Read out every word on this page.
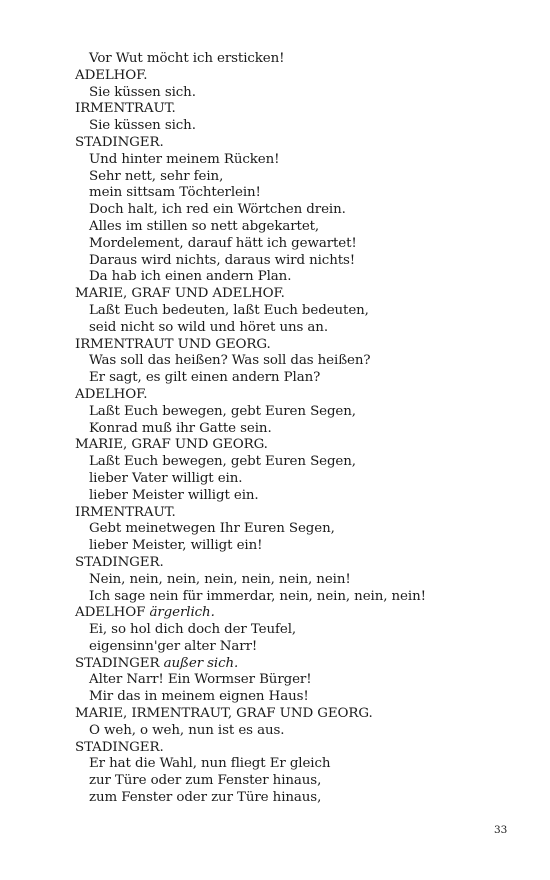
Vor Wut möcht ich ersticken!
ADELHOF.
Sie küssen sich.
IRMENTRAUT.
Sie küssen sich.
STADINGER.
Und hinter meinem Rücken!
Sehr nett, sehr fein,
mein sittsam Töchterlein!
Doch halt, ich red ein Wörtchen drein.
Alles im stillen so nett abgekartet,
Mordelement, darauf hätt ich gewartet!
Daraus wird nichts, daraus wird nichts!
Da hab ich einen andern Plan.
MARIE, GRAF UND ADELHOF.
Laßt Euch bedeuten, laßt Euch bedeuten,
seid nicht so wild und höret uns an.
IRMENTRAUT UND GEORG.
Was soll das heißen? Was soll das heißen?
Er sagt, es gilt einen andern Plan?
ADELHOF.
Laßt Euch bewegen, gebt Euren Segen,
Konrad muß ihr Gatte sein.
MARIE, GRAF UND GEORG.
Laßt Euch bewegen, gebt Euren Segen,
lieber Vater willigt ein.
lieber Meister willigt ein.
IRMENTRAUT.
Gebt meinetwegen Ihr Euren Segen,
lieber Meister, willigt ein!
STADINGER.
Nein, nein, nein, nein, nein, nein, nein!
Ich sage nein für immerdar, nein, nein, nein, nein!
ADELHOF ärgerlich.
Ei, so hol dich doch der Teufel,
eigensinn'ger alter Narr!
STADINGER außer sich.
Alter Narr! Ein Wormser Bürger!
Mir das in meinem eignen Haus!
MARIE, IRMENTRAUT, GRAF UND GEORG.
O weh, o weh, nun ist es aus.
STADINGER.
Er hat die Wahl, nun fliegt Er gleich
zur Türe oder zum Fenster hinaus,
zum Fenster oder zur Türe hinaus,
33
